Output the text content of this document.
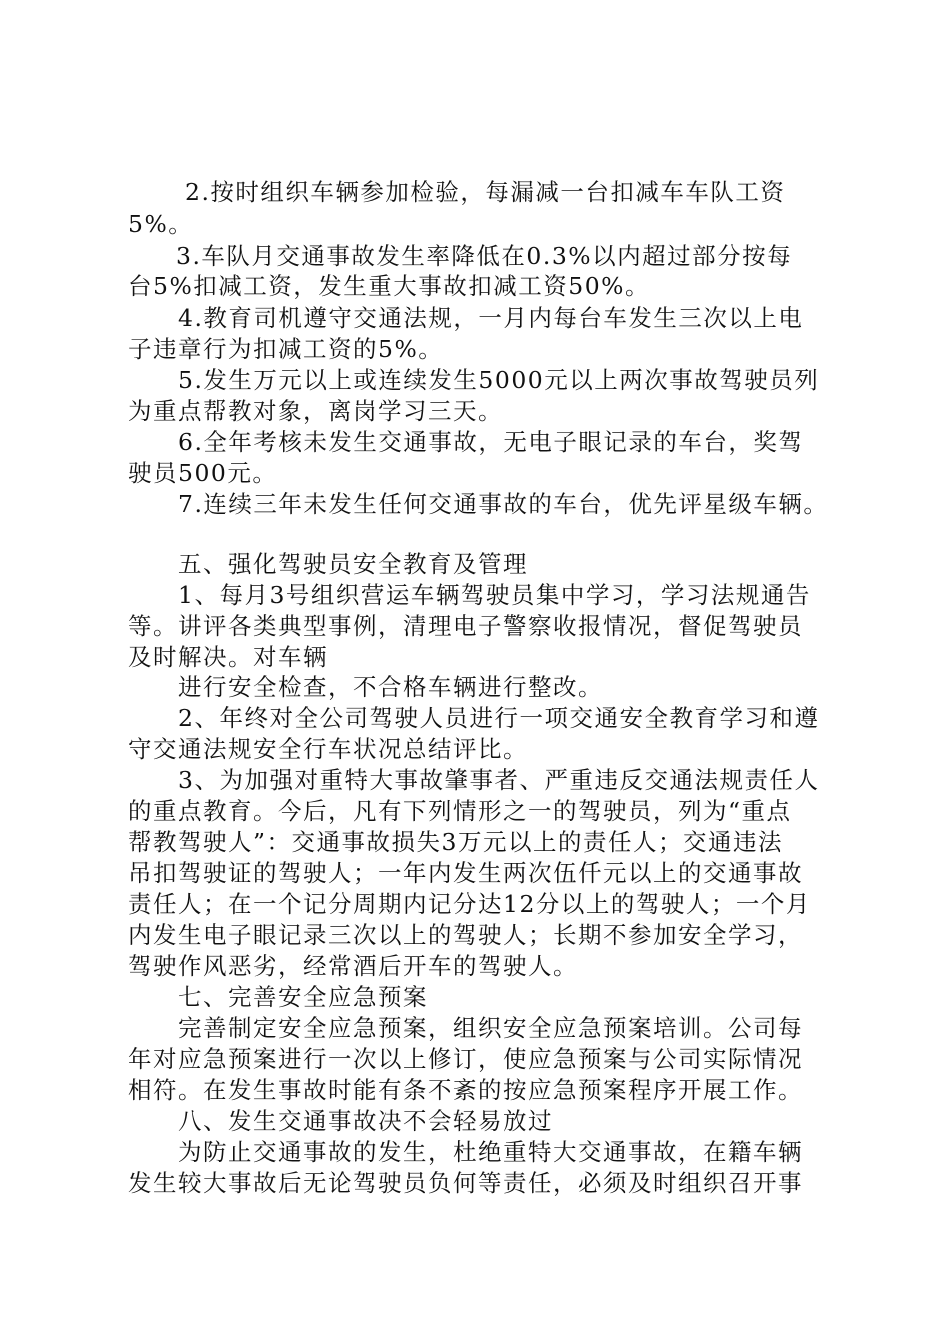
2.按时组织车辆参加检验，每漏减一台扣减车车队工资
5%。
3.车队月交通事故发生率降低在0.3%以内超过部分按每
台5%扣减工资，发生重大事故扣减工资50%。
4.教育司机遵守交通法规，一月内每台车发生三次以上电
子违章行为扣减工资的5%。
5.发生万元以上或连续发生5000元以上两次事故驾驶员列
为重点帮教对象，离岗学习三天。
6.全年考核未发生交通事故，无电子眼记录的车台，奖驾
驶员500元。
7.连续三年未发生任何交通事故的车台，优先评星级车辆。
五、强化驾驶员安全教育及管理
1、每月3号组织营运车辆驾驶员集中学习，学习法规通告
等。讲评各类典型事例，清理电子警察收报情况，督促驾驶员
及时解决。对车辆
进行安全检查，不合格车辆进行整改。
2、年终对全公司驾驶人员进行一项交通安全教育学习和遵
守交通法规安全行车状况总结评比。
3、为加强对重特大事故肇事者、严重违反交通法规责任人
的重点教育。今后，凡有下列情形之一的驾驶员，列为“重点
帮教驾驶人”：交通事故损失3万元以上的责任人；交通违法
吊扣驾驶证的驾驶人；一年内发生两次伍仟元以上的交通事故
责任人；在一个记分周期内记分达12分以上的驾驶人；一个月
内发生电子眼记录三次以上的驾驶人；长期不参加安全学习，
驾驶作风恶劣，经常酒后开车的驾驶人。
七、完善安全应急预案
完善制定安全应急预案，组织安全应急预案培训。公司每
年对应急预案进行一次以上修订，使应急预案与公司实际情况
相符。在发生事故时能有条不紊的按应急预案程序开展工作。
八、发生交通事故决不会轻易放过
为防止交通事故的发生，杜绝重特大交通事故，在籍车辆
发生较大事故后无论驾驶员负何等责任，必须及时组织召开事
